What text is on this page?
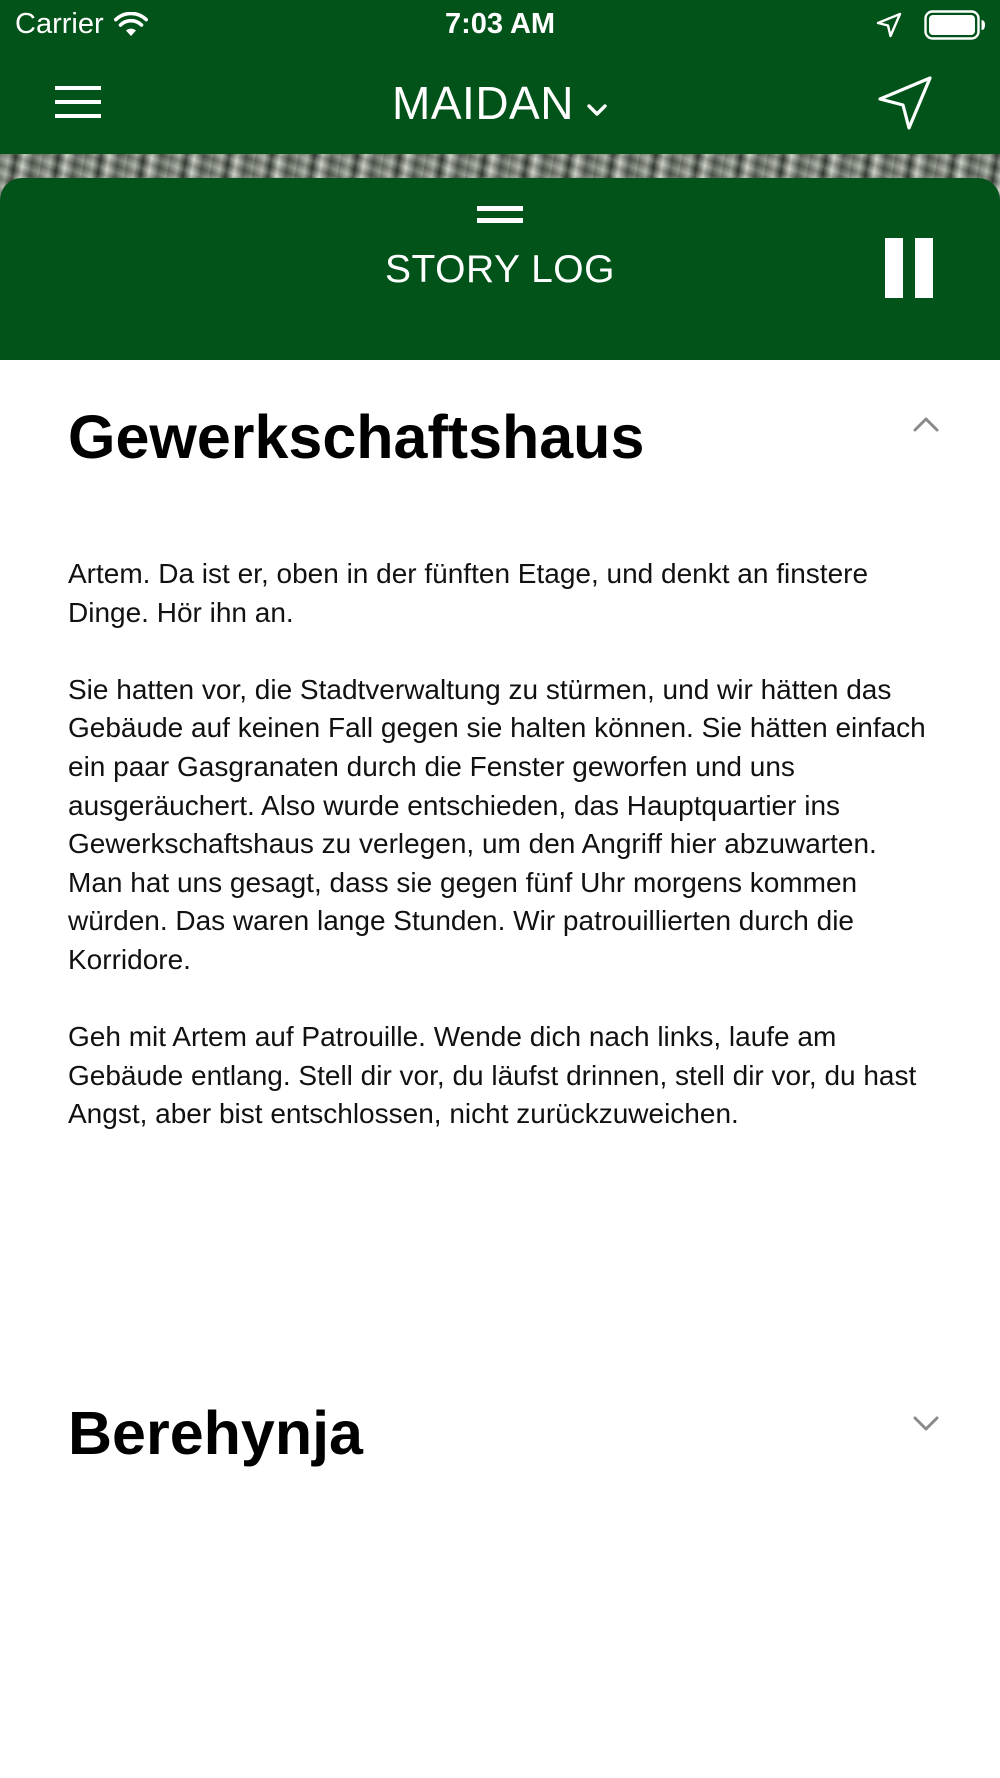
Carrier	7:03 AM
MAIDAN
STORY LOG
Gewerkschaftshaus

Artem. Da ist er, oben in der fünften Etage, und denkt an finstere Dinge. Hör ihn an.

Sie hatten vor, die Stadtverwaltung zu stürmen, und wir hätten das Gebäude auf keinen Fall gegen sie halten können. Sie hätten einfach ein paar Gasgranaten durch die Fenster geworfen und uns ausgeräuchert. Also wurde entschieden, das Hauptquartier ins Gewerkschaftshaus zu verlegen, um den Angriff hier abzuwarten.
Man hat uns gesagt, dass sie gegen fünf Uhr morgens kommen würden. Das waren lange Stunden. Wir patrouillierten durch die Korridore.

Geh mit Artem auf Patrouille. Wende dich nach links, laufe am Gebäude entlang. Stell dir vor, du läufst drinnen, stell dir vor, du hast Angst, aber bist entschlossen, nicht zurückzuweichen.

Berehynja
